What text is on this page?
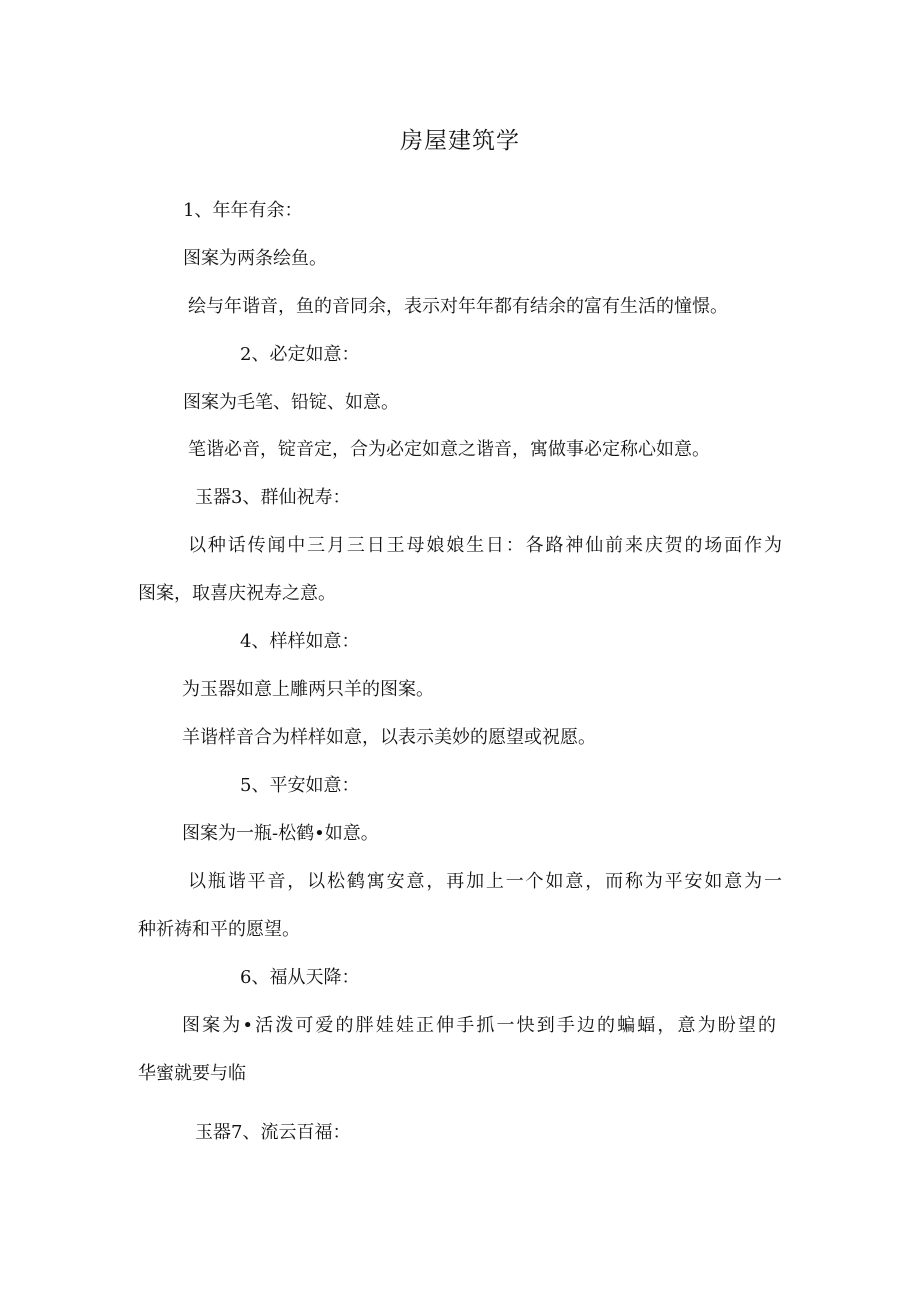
房屋建筑学
1、年年有余：
图案为两条绘鱼。
绘与年谐音，鱼的音同余，表示对年年都有结余的富有生活的憧憬。
2、必定如意：
图案为毛笔、铅锭、如意。
笔谐必音，锭音定，合为必定如意之谐音，寓做事必定称心如意。
玉器3、群仙祝寿：
以种话传闻中三月三日王母娘娘生日：各路神仙前来庆贺的场面作为
图案，取喜庆祝寿之意。
4、样样如意：
为玉器如意上雕两只羊的图案。
羊谐样音合为样样如意，以表示美妙的愿望或祝愿。
5、平安如意：
图案为一瓶-松鹤•如意。
以瓶谐平音，以松鹤寓安意，再加上一个如意，而称为平安如意为一
种祈祷和平的愿望。
6、福从天降：
图案为•活泼可爱的胖娃娃正伸手抓一快到手边的蝙蝠，意为盼望的
华蜜就要与临
玉器7、流云百福：
